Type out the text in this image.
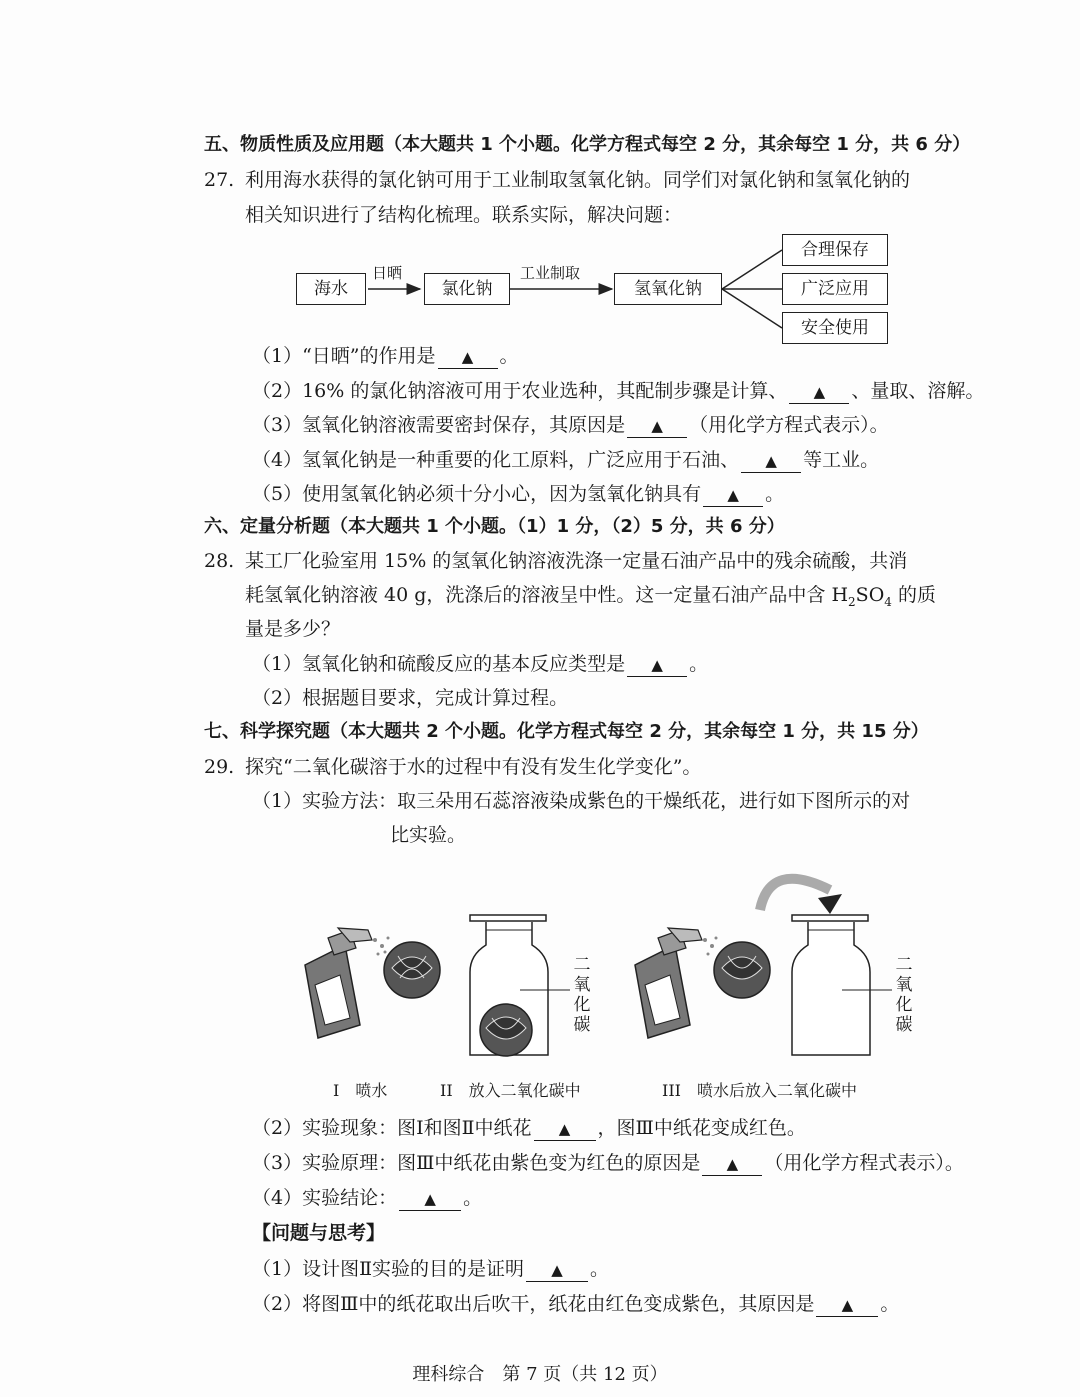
五、物质性质及应用题（本大题共 1 个小题。化学方程式每空 2 分，其余每空 1 分，共 6 分）
27. 利用海水获得的氯化钠可用于工业制取氢氧化钠。同学们对氯化钠和氢氧化钠的
相关知识进行了结构化梳理。联系实际，解决问题：
海水
日晒
氯化钠
工业制取
氢氧化钠
合理保存
广泛应用
安全使用
（1）“日晒”的作用是 ▲ 。
（2）16% 的氯化钠溶液可用于农业选种，其配制步骤是计算、 ▲ 、量取、溶解。
（3）氢氧化钠溶液需要密封保存，其原因是 ▲ （用化学方程式表示）。
（4）氢氧化钠是一种重要的化工原料，广泛应用于石油、 ▲ 等工业。
（5）使用氢氧化钠必须十分小心，因为氢氧化钠具有 ▲ 。
六、定量分析题（本大题共 1 个小题。（1）1 分，（2）5 分，共 6 分）
28. 某工厂化验室用 15% 的氢氧化钠溶液洗涤一定量石油产品中的残余硫酸，共消
耗氢氧化钠溶液 40 g，洗涤后的溶液呈中性。这一定量石油产品中含 $H_2SO_4$ 的质
量是多少？
（1）氢氧化钠和硫酸反应的基本反应类型是 ▲ 。
（2）根据题目要求，完成计算过程。
七、科学探究题（本大题共 2 个小题。化学方程式每空 2 分，其余每空 1 分，共 15 分）
29. 探究“二氧化碳溶于水的过程中有没有发生化学变化”。
（1）实验方法：取三朵用石蕊溶液染成紫色的干燥纸花，进行如下图所示的对
比实验。
二
氧
化
碳
二
氧
化
碳
I　喷水	II　放入二氧化碳中	III　喷水后放入二氧化碳中
（2）实验现象：图Ⅰ和图Ⅱ中纸花 ▲ ，图Ⅲ中纸花变成红色。
（3）实验原理：图Ⅲ中纸花由紫色变为红色的原因是 ▲ （用化学方程式表示）。
（4）实验结论： ▲ 。
【问题与思考】
（1）设计图Ⅱ实验的目的是证明 ▲ 。
（2）将图Ⅲ中的纸花取出后吹干，纸花由红色变成紫色，其原因是 ▲ 。
理科综合　第 7 页（共 12 页）
